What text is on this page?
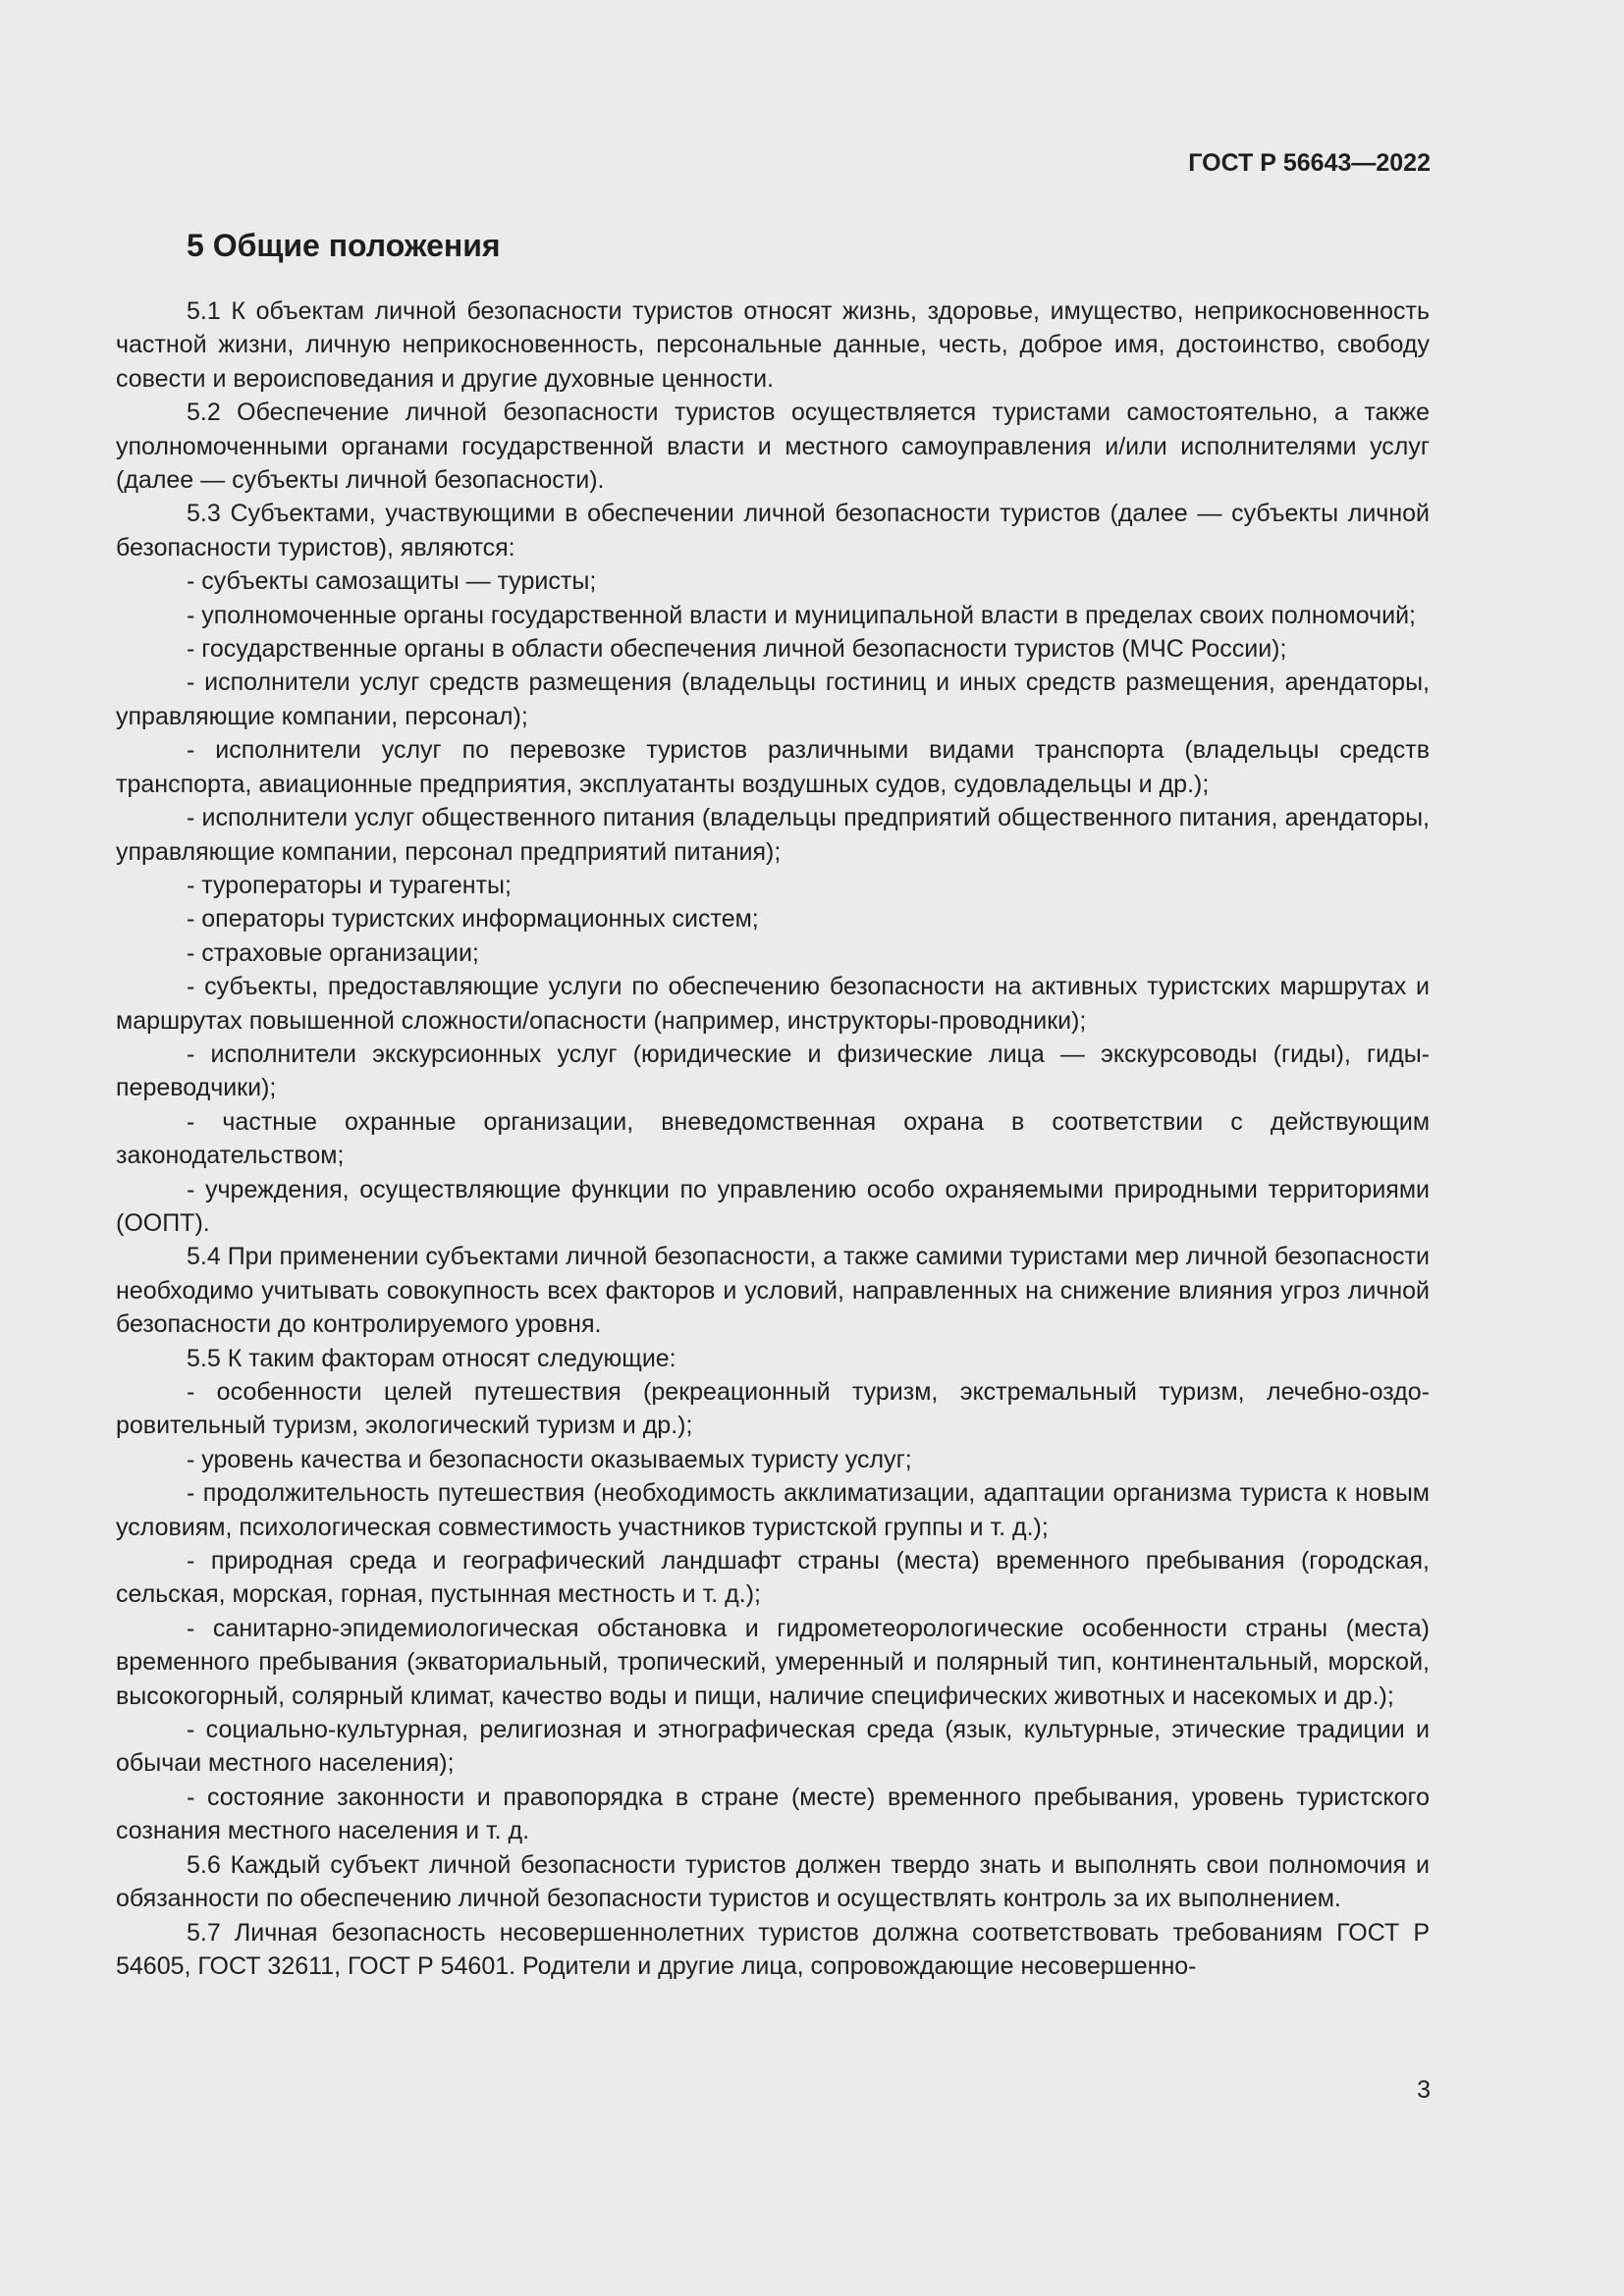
ГОСТ Р 56643—2022
5 Общие положения

5.1 К объектам личной безопасности туристов относят жизнь, здоровье, имущество, неприкосновенность частной жизни, личную неприкосновенность, персональные данные, честь, доброе имя, достоинство, свободу совести и вероисповедания и другие духовные ценности.

5.2 Обеспечение личной безопасности туристов осуществляется туристами самостоятельно, а также уполномоченными органами государственной власти и местного самоуправления и/или исполнителями услуг (далее — субъекты личной безопасности).

5.3 Субъектами, участвующими в обеспечении личной безопасности туристов (далее — субъекты личной безопасности туристов), являются:

- субъекты самозащиты — туристы;

- уполномоченные органы государственной власти и муниципальной власти в пределах своих полномочий;

- государственные органы в области обеспечения личной безопасности туристов (МЧС России);

- исполнители услуг средств размещения (владельцы гостиниц и иных средств размещения, арендаторы, управляющие компании, персонал);

- исполнители услуг по перевозке туристов различными видами транспорта (владельцы средств транспорта, авиационные предприятия, эксплуатанты воздушных судов, судовладельцы и др.);

- исполнители услуг общественного питания (владельцы предприятий общественного питания, арендаторы, управляющие компании, персонал предприятий питания);

- туроператоры и турагенты;

- операторы туристских информационных систем;

- страховые организации;

- субъекты, предоставляющие услуги по обеспечению безопасности на активных туристских маршрутах и маршрутах повышенной сложности/опасности (например, инструкторы-проводники);

- исполнители экскурсионных услуг (юридические и физические лица — экскурсоводы (гиды), гиды-переводчики);

- частные охранные организации, вневедомственная охрана в соответствии с действующим законодательством;

- учреждения, осуществляющие функции по управлению особо охраняемыми природными территориями (ООПТ).

5.4 При применении субъектами личной безопасности, а также самими туристами мер личной безопасности необходимо учитывать совокупность всех факторов и условий, направленных на снижение влияния угроз личной безопасности до контролируемого уровня.

5.5 К таким факторам относят следующие:

- особенности целей путешествия (рекреационный туризм, экстремальный туризм, лечебно-оздоровительный туризм, экологический туризм и др.);

- уровень качества и безопасности оказываемых туристу услуг;

- продолжительность путешествия (необходимость акклиматизации, адаптации организма туриста к новым условиям, психологическая совместимость участников туристской группы и т. д.);

- природная среда и географический ландшафт страны (места) временного пребывания (городская, сельская, морская, горная, пустынная местность и т. д.);

- санитарно-эпидемиологическая обстановка и гидрометеорологические особенности страны (места) временного пребывания (экваториальный, тропический, умеренный и полярный тип, континентальный, морской, высокогорный, солярный климат, качество воды и пищи, наличие специфических животных и насекомых и др.);

- социально-культурная, религиозная и этнографическая среда (язык, культурные, этические традиции и обычаи местного населения);

- состояние законности и правопорядка в стране (месте) временного пребывания, уровень туристского сознания местного населения и т. д.

5.6 Каждый субъект личной безопасности туристов должен твердо знать и выполнять свои полномочия и обязанности по обеспечению личной безопасности туристов и осуществлять контроль за их выполнением.

5.7 Личная безопасность несовершеннолетних туристов должна соответствовать требованиям ГОСТ Р 54605, ГОСТ 32611, ГОСТ Р 54601. Родители и другие лица, сопровождающие несовершенно-

3
